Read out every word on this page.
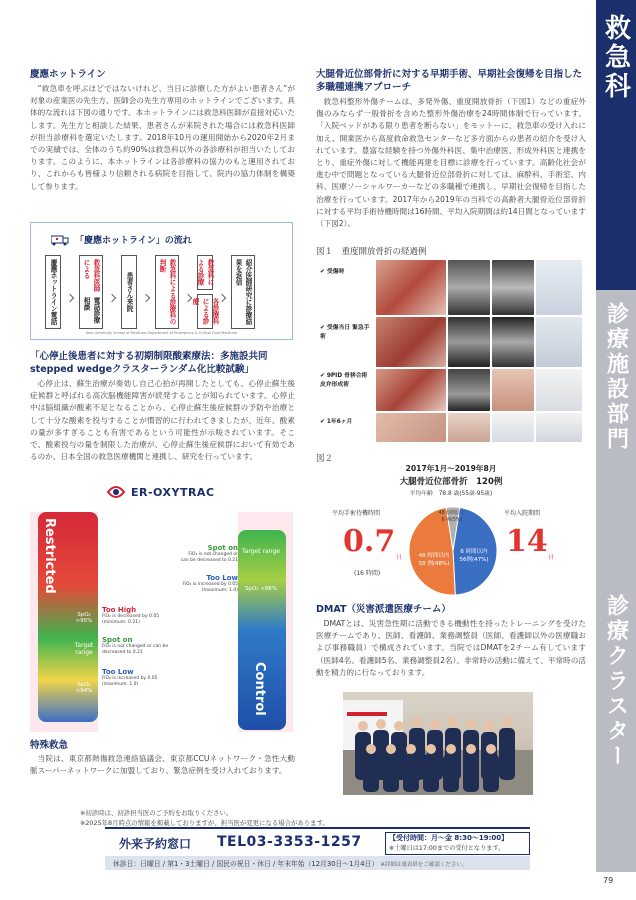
救急科
診療施設部門
診療クラスター
慶應ホットライン

“救急車を呼ぶほどではないけれど、当日に診療した方がよい患者さん”が対象の産業医の先生方、医師会の先生方専用のホットラインでございます。具体的な流れは下図の通りです。本ホットラインには救急科医師が直接対応いたします。先生方と相談した結果、患者さんが来院された場合には救急科医師が担当診療科を選定いたします。2018年10月の運用開始から2020年2月までの実績では、全体のうち約90%は救急科以外の各診療科が担当いたしております。このように、本ホットラインは各診療科の協力のもと運用されており、これからも皆様より信頼される病院を目指して、院内の協力体制を構築して参ります。

「慶應ホットライン」の流れ
慶應ホットライン電話	救急科医師による
電話診療相談	患者さん来院	救急科による診療科の判断	救急科による診療
各診療科による診療	紹介医師研究に診療結果を返信
Keio University School of Medicine Department of Emergency & Critical Care Medicine
「心停止後患者に対する初期制限酸素療法：多施設共同stepped wedgeクラスターランダム化比較試験」

心停止は、蘇生治療が奏効し自己心拍が再開したとしても、心停止蘇生後症候群と呼ばれる高次脳機能障害が続発することが知られています。心停止中は脳組織が酸素不足となることから、心停止蘇生後症候群の予防や治療として十分な酸素を投与することが慣習的に行われてきましたが、近年、酸素の量が多すぎることも有害であるという可能性が示唆されています。そこで、酸素投与の量を制限した治療が、心停止蘇生後症候群において有効であるのか、日本全国の救急医療機関と連携し、研究を行っています。

ER-OXYTRAC
Restricted
Control
SpO₂ >95%
Target range
SpO₂ <94%
Target range
SpO₂ <98%
Spot on
FiO₂ is not changed or can be decreased to 0.21
Too Low
FiO₂ is increased by 0.05 (maximum: 1.0)
Too High
FiO₂ is decreased by 0.05 (minimum: 0.21)
Spot on
FiO₂ is not changed or can be decreased to 0.21
Too Low
FiO₂ is increased by 0.05 (maximum: 1.0)
特殊救急

当院は、東京都熱傷救急連絡協議会、東京都CCUネットワーク・急性大動脈スーパーネットワークに加盟しており、緊急症例を受け入れております。

大腿骨近位部骨折に対する早期手術、早期社会復帰を目指した多職種連携アプローチ

救急科整形外傷チームは、多発外傷、重度開放骨折（下図1）などの重症外傷のみならず一般骨折を含めた整形外傷治療を24時間体制で行っています。「入院ベッドがある限り患者を断らない」をモットーに、救急車の受け入れに加え、開業医から高度救命救急センターなど多方面からの患者の紹介を受け入れています。豊富な経験を持つ外傷外科医、集中治療医、形成外科医と連携をとり、重症外傷に対して機能再建を目標に診療を行っています。高齢化社会が進む中で問題となっている大腿骨近位部骨折に対しては、麻酔科、手術室、内科、医療ソーシャルワーカーなどの多職種で連携し、早期社会復帰を目指した治療を行っています。2017年から2019年の当科での高齢者大腿骨近位部骨折に対する平均手術待機時間は16時間、平均入院期間は約14日間となっています（下図2）。

図１　重度開放骨折の経過例
✔ 受傷時
✔ 受傷当日 緊急手術
✔ 9PID 骨移合術 皮弁形成術
✔ 1年6ヶ月
図２
2017年1月〜2019年8月
大腿骨近位部骨折　120例
平均年齢　78.8 歳(55歳-95歳)
平均手術待機時間	平均入院期間
0.7 日
(16 時間)
14 日
6 時間以内
56例(47%)
48 時間以内
58 例(48%)
48 時間以上
6 例(5%)
DMAT（災害派遣医療チーム）

DMATとは、災害急性期に活動できる機動性を持ったトレーニングを受けた医療チームであり、医師、看護師、業務調整員（医師、看護師以外の医療職および事務職員）で構成されています。当院ではDMATを2チーム有しています（医師4名、看護師5名、業務調整員2名）。非常時の活動に備えて、平常時の活動を精力的に行なっております。

※初診時は、初診担当医のご予約をお取りください。
※2025年8月時点の情報を掲載しておりますが、担当医が変更になる場合があります。
外来予約窓口 TEL03-3353-1257	【受付時間：月〜金 8:30〜19:00】
※土曜日は17:00までの受付となります。
休診日：日曜日 / 第1・3土曜日 / 国民の祝日・休日 / 年末年始（12月30日〜1月4日） ※詳細は裏表紙をご確認ください。
79
